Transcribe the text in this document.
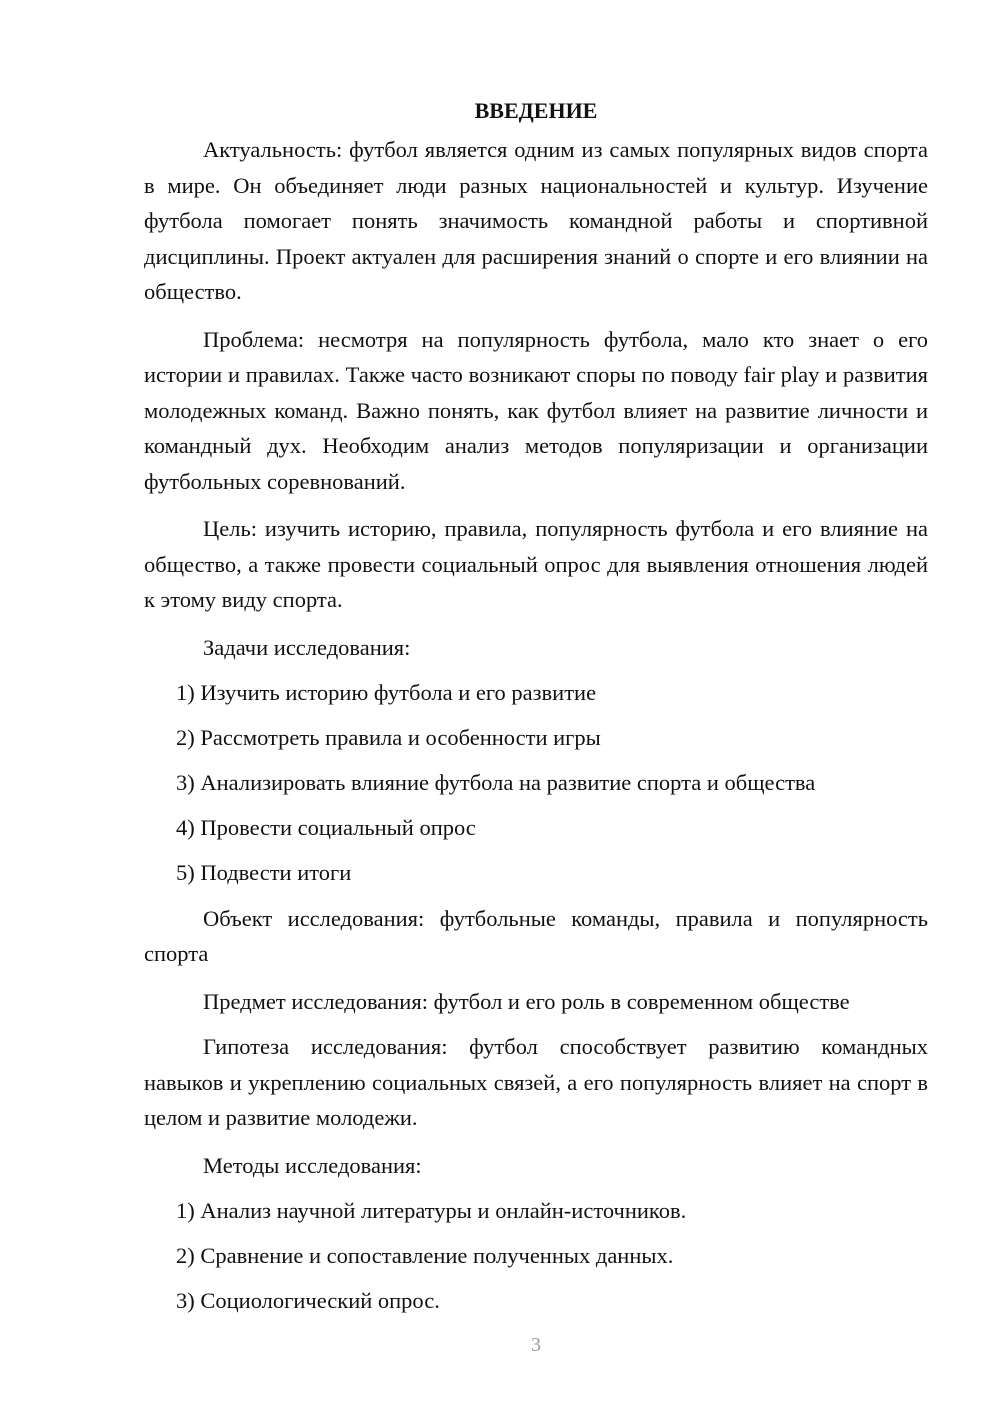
ВВЕДЕНИЕ

Актуальность: футбол является одним из самых популярных видов спорта в мире. Он объединяет люди разных национальностей и культур. Изучение футбола помогает понять значимость командной работы и спортивной дисциплины. Проект актуален для расширения знаний о спорте и его влиянии на общество.

Проблема: несмотря на популярность футбола, мало кто знает о его истории и правилах. Также часто возникают споры по поводу fair play и развития молодежных команд. Важно понять, как футбол влияет на развитие личности и командный дух. Необходим анализ методов популяризации и организации футбольных соревнований.

Цель: изучить историю, правила, популярность футбола и его влияние на общество, а также провести социальный опрос для выявления отношения людей к этому виду спорта.

Задачи исследования:

1) Изучить историю футбола и его развитие
2) Рассмотреть правила и особенности игры
3) Анализировать влияние футбола на развитие спорта и общества
4) Провести социальный опрос
5) Подвести итоги

Объект исследования: футбольные команды, правила и популярность спорта

Предмет исследования: футбол и его роль в современном обществе

Гипотеза исследования: футбол способствует развитию командных навыков и укреплению социальных связей, а его популярность влияет на спорт в целом и развитие молодежи.

Методы исследования:

1) Анализ научной литературы и онлайн-источников.
2) Сравнение и сопоставление полученных данных.
3) Социологический опрос.
3
